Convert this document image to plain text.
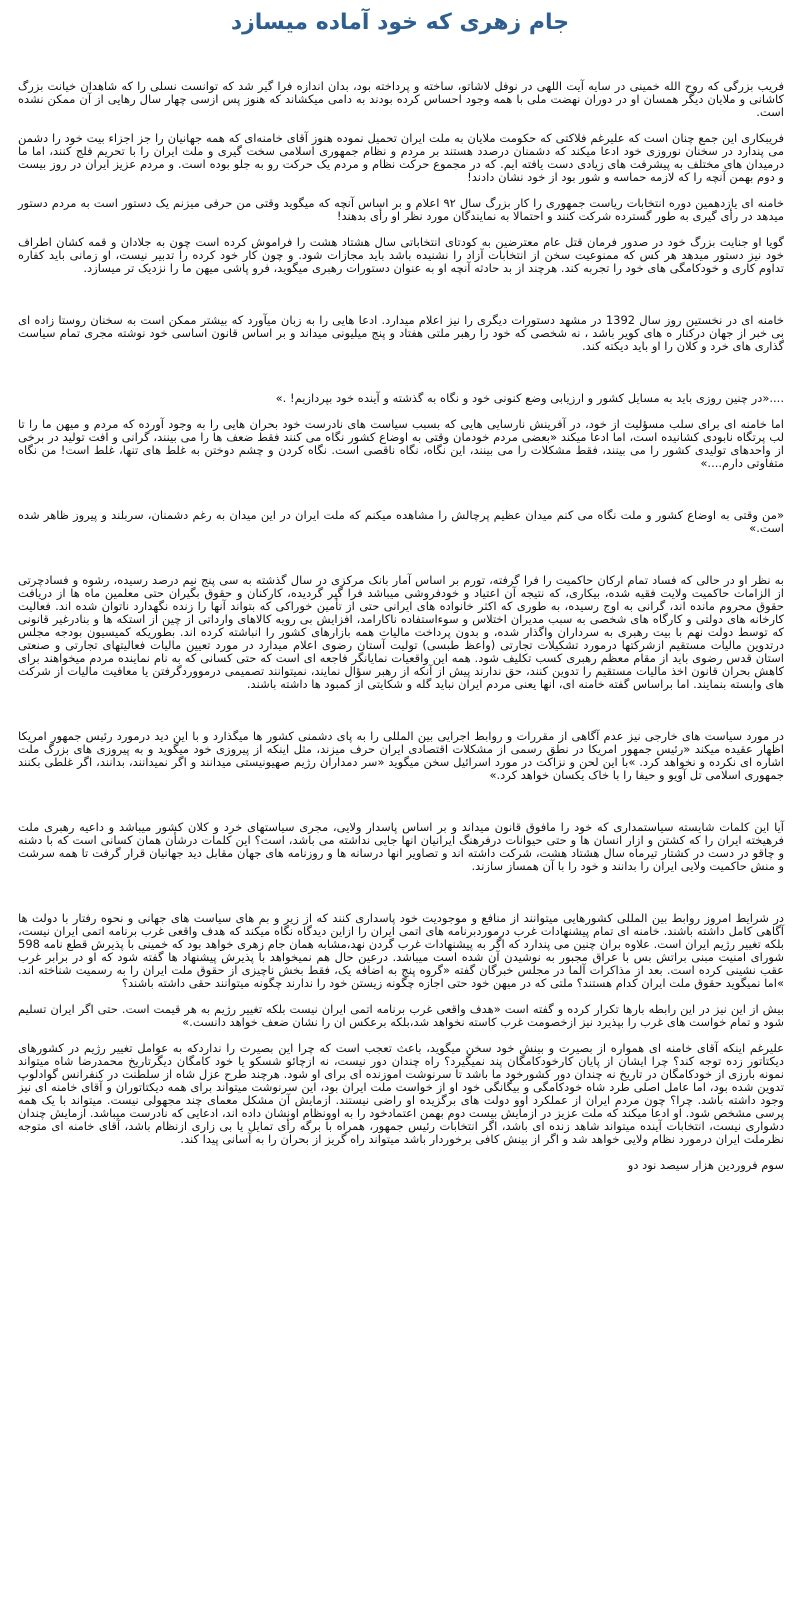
جام زهری که خود آماده میسازد

فریب بزرگی که روح الله خمینی در سایه آیت اللهی در نوفل لاشاتو، ساخته و پرداخته بود، بدان اندازه فرا گیر شد که توانست نسلی را که شاهدان خیانت بزرگ کاشانی و ملایان دیگر همسان او در دوران نهضت ملی با همه وجود احساس کرده بودند به دامی میکشاند که هنوز پس ازسی چهار سال رهایی از آن ممکن نشده است.

فریبکاری این جمع چنان است که علیرغم فلاکتی که حکومت ملایان به ملت ایران تحمیل نموده هنوز آقای خامنه‌ای که همه جهانیان را جز اجزاء بیت خود را دشمن می پندارد در سخنان نوروزی خود ادعا میکند که دشمنان درصدد هستند بر مردم و نظام جمهوری اسلامی سخت گیری و ملت ایران را با تحریم فلج کنند، اما ما درمیدان های مختلف به پیشرفت های زیادی دست یافته ایم. که در مجموع حرکت نظام و مردم یک حرکت رو به جلو بوده است. و مردم عزیز ایران در روز بیست و دوم بهمن آنچه را که لازمه حماسه و شور بود از خود نشان دادند!

خامنه ای یازدهمین دوره انتخابات ریاست جمهوری را کار بزرگ سال ۹۲ اعلام و بر اساس آنچه که میگوید وقتی من حرفی میزنم یک دستور است به مردم دستور میدهد در رأی گیری به طور گسترده شرکت کنند و احتمالا به نمایندگان مورد نظر او رأی بدهند!

گویا او جنایت بزرگ خود در صدور فرمان قتل عام معترضین به کودتای انتخاباتی سال هشتاد هشت را فراموش کرده است چون به جلادان و قمه کشان اطراف خود نیز دستور میدهد هر کس که ممنوعیت سخن از انتخابات آزاد را نشنیده باشد باید مجازات شود. و چون کار خود کرده را تدبیر نیست، او زمانی باید کفاره تداوم کاری و خودکامگی های خود را تجربه کند. هرچند از بد حادثه آنچه او به عنوان دستورات رهبری میگوید، فرو پاشی میهن ما را نزدیک تر میسازد.

خامنه ای در نخستین روز سال 1392 در مشهد دستورات دیگری را نیز اعلام میدارد. ادعا هایی را به زبان میآورد که بیشتر ممکن است به سخنان روستا زاده ای بی خبر از جهان درکنار ه های کویر باشد ، نه شخصی که خود را رهبر ملتی هفتاد و پنج میلیونی میداند و بر اساس قانون اساسی خود نوشته مجری تمام سیاست گذاری های خرد و کلان را او باید دیکته کند.

....«در چنین روزی باید به مسایل کشور و ارزیابی وضع کنونی خود و نگاه به گذشته و آینده خود بپردازیم! .»

اما خامنه ای برای سلب مسؤلیت از خود، در آفرینش نارسایی هایی که بسبب سیاست های نادرست خود بحران هایی را به وجود آورده که مردم و میهن ما را تا لب پرتگاه نابودی کشانیده است، اما ادعا میکند «بعضی مردم خودمان وقتی به اوضاع کشور نگاه می کنند فقط ضعف ها را می بینند، گرانی و افت تولید در برخی از واحدهای تولیدی کشور را می بینند، فقط مشکلات را می بینند، این نگاه، نگاه ناقصی است. نگاه کردن و چشم دوختن به غلط های تنها، غلط است! من نگاه متفاوتی دارم....»

«من وقتی به اوضاع کشور و ملت نگاه می کنم میدان عظیم پرچالش را مشاهده میکنم که ملت ایران در این میدان به رغم دشمنان، سربلند و پیروز ظاهر شده است.»

به نظر او در حالی که فساد تمام ارکان حاکمیت را فرا گرفته، تورم بر اساس آمار بانک مرکزی در سال گذشته به سی پنج نیم درصد رسیده، رشوه و فسادچرتی از الزامات حاکمیت ولایت فقیه شده، بیکاری، که نتیجه آن اعتیاد و خودفروشی میباشد فرا گیر گردیده، کارکنان و حقوق بگیران حتی معلمین ماه ها از دریافت حقوق محروم مانده اند، گرانی به اوج رسیده، به طوری که اکثر خانواده های ایرانی حتی از تأمین خوراکی که بتواند آنها را زنده نگهدارد ناتوان شده اند. فعالیت کارخانه های دولتی و کارگاه های شخصی به سبب مدیران اختلاس و سوءاستفاده ناکارامد، افزایش بی رویه کالاهای وارداتی از چین از استکه ها و بنادرغیر قانونی که توسط دولت نهم با بیت رهبری به سرداران واگذار شده، و بدون پرداخت مالیات همه بازارهای کشور را انباشته کرده اند. بطوریکه کمیسیون بودجه مجلس درتدوین مالیات مستقیم ازشرکتها درمورد تشکیلات تجارتی (واعظ طبسی) تولیت آستان رضوی اعلام میدارد در مورد تعیین مالیات فعالیتهای تجارتی و صنعتی استان قدس رضوی باید از مقام معظم رهبری کسب تکلیف شود. همه این واقعیات نمایانگر فاجعه ای است که حتی کسانی که به نام نماینده مردم میخواهند برای کاهش بحران قانون اخذ مالیات مستقیم را تدوین کنند، حق ندارند پیش از آنکه از رهبر سؤال نمایند، نمیتوانند تصمیمی درمووردگرفتن یا معافیت مالیات از شرکت های وابسته بنمایند. اما براساس گفته خامنه ای، انها یعنی مردم ایران نباید گله و شکایتی از کمبود ها داشته باشند.

در مورد سیاست های خارجی نیز عدم آگاهی از مقررات و روابط اجرایی بین المللی را به پای دشمنی کشور ها میگذارد و با این دید درمورد رئیس جمهور امریکا اظهار عقیده میکند «رئیس جمهور امریکا در نطق رسمی از مشکلات اقتصادی ایران حرف میزند، مثل اینکه از پیروزی خود میگوید و به پیروزی های بزرگ ملت اشاره ای نکرده و نخواهد کرد. »با این لحن و نزاکت در مورد اسرائیل سخن میگوید «سر دمداران رژیم صهیونیستی میدانند و اگر نمیدانند، بدانند، اگر غلطی بکنند جمهوری اسلامی تل آویو و حیفا را با خاک یکسان خواهد کرد.»

آیا این کلمات شایسته سیاستمداری که خود را مافوق قانون میداند و بر اساس پاسدار ولایی، مجری سیاستهای خرد و کلان کشور میباشد و داعیه رهبری ملت فرهیخته ایران را که کشتن و ازار انسان ها و حتی حیوانات درفرهنگ ایرانیان انها جایی نداشته می باشد، است؟ این کلمات درشأن همان کسانی است که با دشنه و چاقو در دست در کشتار تیرماه سال هشتاد هشت، شرکت داشته اند و تصاویر انها درسانه ها و روزنامه های جهان مقابل دید جهانیان قرار گرفت تا همه سرشت و منش حاکمیت ولایی ایران را بدانند و خود را با آن همساز سازند.

در شرایط امروز روابط بین المللی کشورهایی میتوانند از منافع و موجودیت خود پاسداری کنند که از زیر و بم های سیاست های جهانی و نحوه رفتار با دولت ها آگاهی کامل داشته باشند. خامنه ای تمام پیشنهادات غرب درموردبرنامه های اتمی ایران را ازاین دیدگاه نگاه میکند که هدف واقعی غرب برنامه اتمی ایران نیست، بلکه تغییر رژیم ایران است. علاوه بران چنین می پندارد که اگر به پیشنهادات غرب گردن نهد،مشابه همان جام زهری خواهد بود که خمینی با پذیرش قطع نامه 598 شورای امنیت مبنی براتش بس با عراق مجبور به نوشیدن آن شده است میباشد. درعین حال هم نمیخواهد با پذیرش پیشنهاد ها گفته شود که او در برابر غرب عقب نشینی کرده است. بعد از مذاکرات آلما در مجلس خبرگان گفته «گروه پنج به اضافه یک، فقط بخش ناچیزی از حقوق ملت ایران را به رسمیت شناخته اند. »اما نمیگوید حقوق ملت ایران کدام هستند؟ ملتی که در میهن خود حتی اجازه چگونه زیستن خود را ندارند چگونه میتوانند حقی داشته باشند؟

بیش از این نیز در این رابطه بارها تکرار کرده و گفته است «هدف واقعی غرب برنامه اتمی ایران نیست بلکه تغییر رژیم به هر قیمت است. حتی اگر ایران تسلیم شود و تمام خواست های غرب را بپذیرد نیز ازخصومت غرب کاسته نخواهد شد،بلکه برعکس ان را نشان ضعف خواهد دانست.»

علیرغم اینکه آقای خامنه ای همواره از بصیرت و بینش خود سخن میگوید، باعث تعجب است که چرا این بصیرت را نداردکه به عوامل تغییر رژیم در کشورهای دیکتاتور زده توجه کند؟ چرا ایشان از پایان کارخودکامگان پند نمیگیرد؟ راه چندان دور نیست، نه ازچائو شسکو یا خود کامگان دیگرتاریخ محمدرضا شاه میتواند نمونه بارزی از خودکامگان در تاریخ نه چندان دور کشورخود ما باشد تا سرنوشت اموزنده ای برای او شود. هرچند طرح عزل شاه از سلطنت در کنفرانس گوادلوپ تدوین شده بود، اما عامل اصلی طرد شاه خودکامگی و بیگانگی خود او از خواست ملت ایران بود، این سرنوشت میتواند برای همه دیکتاتوران و آقای خامنه ای نیز وجود داشته باشد. چرا؟ چون مردم ایران از عملکرد اوو دولت های برگزیده او راضی نیستند. ازمایش آن مشکل معمای چند مجهولی نیست. میتواند با یک همه پرسی مشخص شود. او ادعا میکند که ملت عزیز در ازمایش بیست دوم بهمن اعتمادخود را به اوونظام اونشان داده اند، ادعایی که نادرست میباشد. ازمایش چندان دشواری نیست، انتخابات آینده میتواند شاهد زنده ای باشد، اگر انتخابات رئیس جمهور، همراه با برگه رأی تمایل یا بی زاری ازنظام باشد، آقای خامنه ای متوجه نظرملت ایران درمورد نظام ولایی خواهد شد و اگر از بینش کافی برخوردار باشد میتواند راه گریز از بحران را به آسانی پیدا کند.

سوم فروردین هزار سیصد نود دو
